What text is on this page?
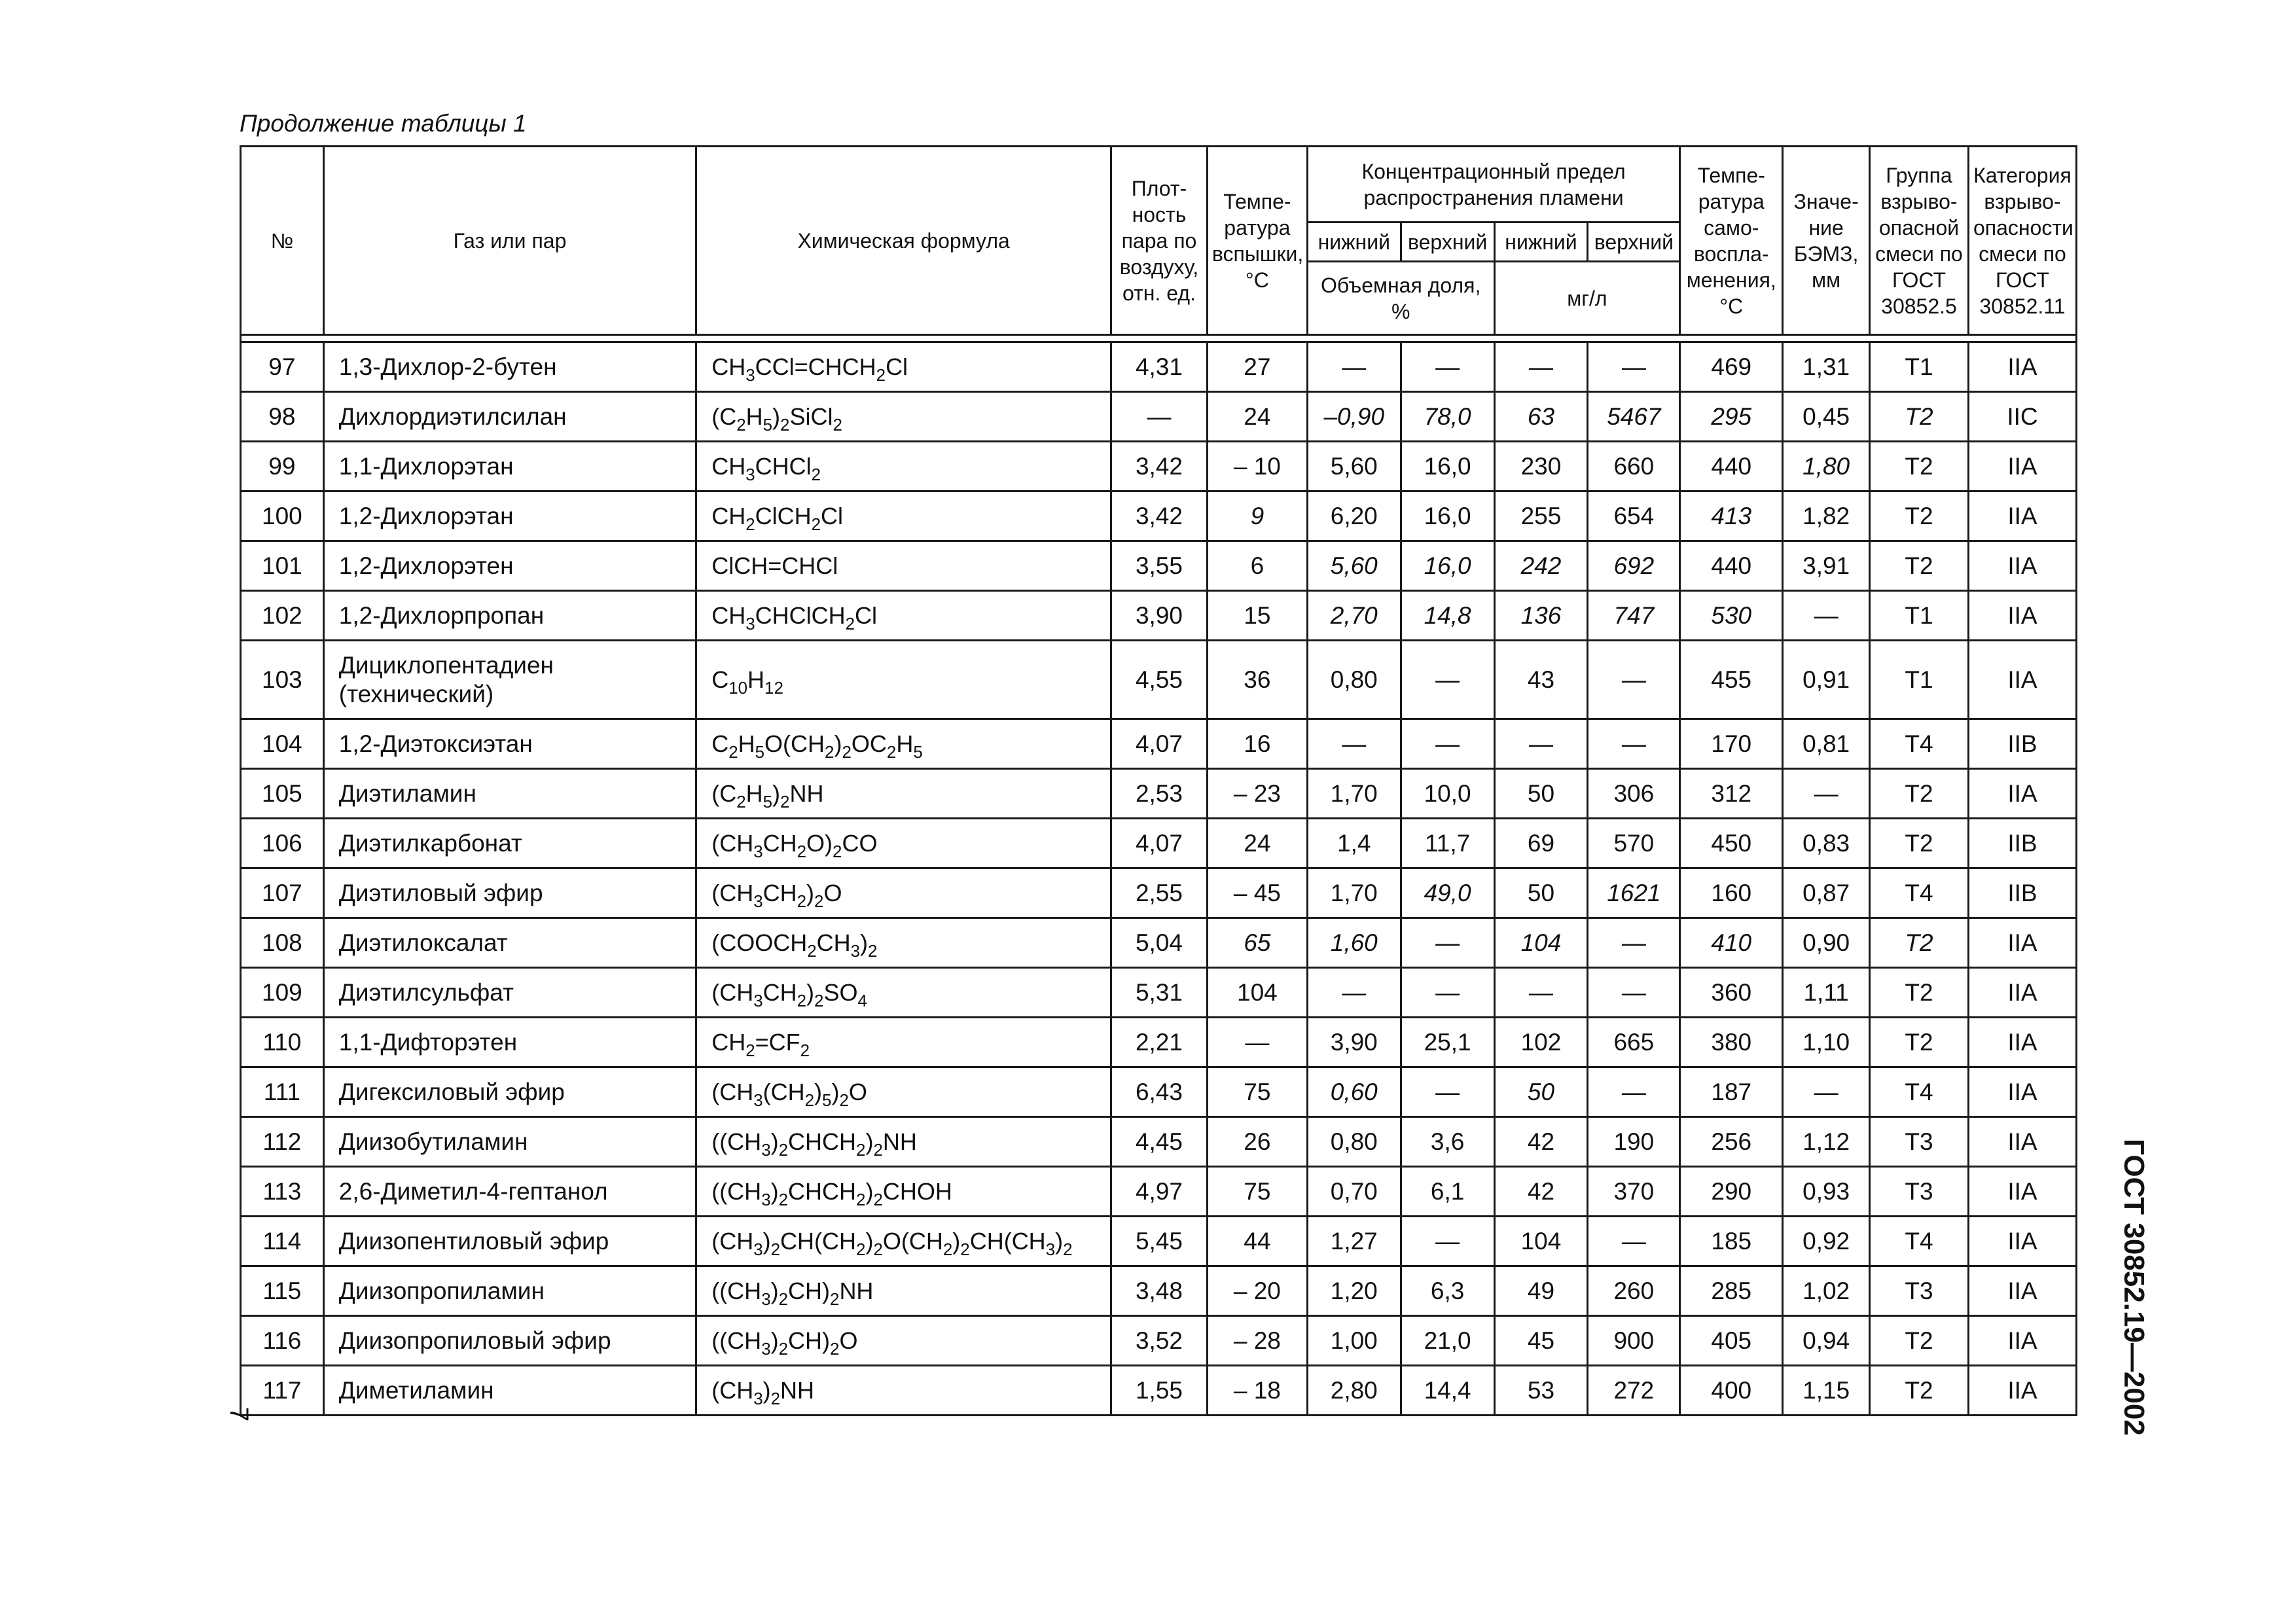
Продолжение таблицы 1
№	Газ или пар	Химическая формула	Плот- ность пара по воздуху, отн. ед.	Темпе- ратура вспышки, °C	Концентрационный предел распространения пламени				Темпе- ратура само- воспла- менения, °C	Значе- ние БЭМЗ, мм	Группа взрыво- опасной смеси по ГОСТ 30852.5	Категория взрыво- опасности смеси по ГОСТ 30852.11
					нижний	верхний	нижний	верхний				
					Объемная доля, %		мг/л					

97	1,3-Дихлор-2-бутен	$CH_3CCl=CHCH_2Cl$	4,31	27	—	—	—	—	469	1,31	T1	IIA
98	Дихлордиэтилсилан	$(C_2H_5)_2SiCl_2$	—	24	–0,90	78,0	63	5467	295	0,45	T2	IIC
99	1,1-Дихлорэтан	$CH_3CHCl_2$	3,42	– 10	5,60	16,0	230	660	440	1,80	T2	IIA
100	1,2-Дихлорэтан	$CH_2ClCH_2Cl$	3,42	9	6,20	16,0	255	654	413	1,82	T2	IIA
101	1,2-Дихлорэтен	ClCH=CHCl	3,55	6	5,60	16,0	242	692	440	3,91	T2	IIA
102	1,2-Дихлорпропан	$CH_3CHClCH_2Cl$	3,90	15	2,70	14,8	136	747	530	—	T1	IIA
103	Дициклопентадиен (технический)	$C_{10}H_{12}$	4,55	36	0,80	—	43	—	455	0,91	T1	IIA
104	1,2-Диэтоксиэтан	$C_2H_5O(CH_2)_2OC_2H_5$	4,07	16	—	—	—	—	170	0,81	T4	IIB
105	Диэтиламин	$(C_2H_5)_2NH$	2,53	– 23	1,70	10,0	50	306	312	—	T2	IIA
106	Диэтилкарбонат	$(CH_3CH_2O)_2CO$	4,07	24	1,4	11,7	69	570	450	0,83	T2	IIB
107	Диэтиловый эфир	$(CH_3CH_2)_2O$	2,55	– 45	1,70	49,0	50	1621	160	0,87	T4	IIB
108	Диэтилоксалат	$(COOCH_2CH_3)_2$	5,04	65	1,60	—	104	—	410	0,90	T2	IIA
109	Диэтилсульфат	$(CH_3CH_2)_2SO_4$	5,31	104	—	—	—	—	360	1,11	T2	IIA
110	1,1-Дифторэтен	$CH_2=CF_2$	2,21	—	3,90	25,1	102	665	380	1,10	T2	IIA
111	Дигексиловый эфир	$(CH_3(CH_2)_5)_2O$	6,43	75	0,60	—	50	—	187	—	T4	IIA
112	Диизобутиламин	$((CH_3)_2CHCH_2)_2NH$	4,45	26	0,80	3,6	42	190	256	1,12	T3	IIA
113	2,6-Диметил-4-гептанол	$((CH_3)_2CHCH_2)_2CHOH$	4,97	75	0,70	6,1	42	370	290	0,93	T3	IIA
114	Диизопентиловый эфир	$(CH_3)_2CH(CH_2)_2O(CH_2)_2CH(CH_3)_2$	5,45	44	1,27	—	104	—	185	0,92	T4	IIA
115	Диизопропиламин	$((CH_3)_2CH)_2NH$	3,48	– 20	1,20	6,3	49	260	285	1,02	T3	IIA
116	Диизопропиловый эфир	$((CH_3)_2CH)_2O$	3,52	– 28	1,00	21,0	45	900	405	0,94	T2	IIA
117	Диметиламин	$(CH_3)_2NH$	1,55	– 18	2,80	14,4	53	272	400	1,15	T2	IIA	ГОСТ 30852.19—2002
7
